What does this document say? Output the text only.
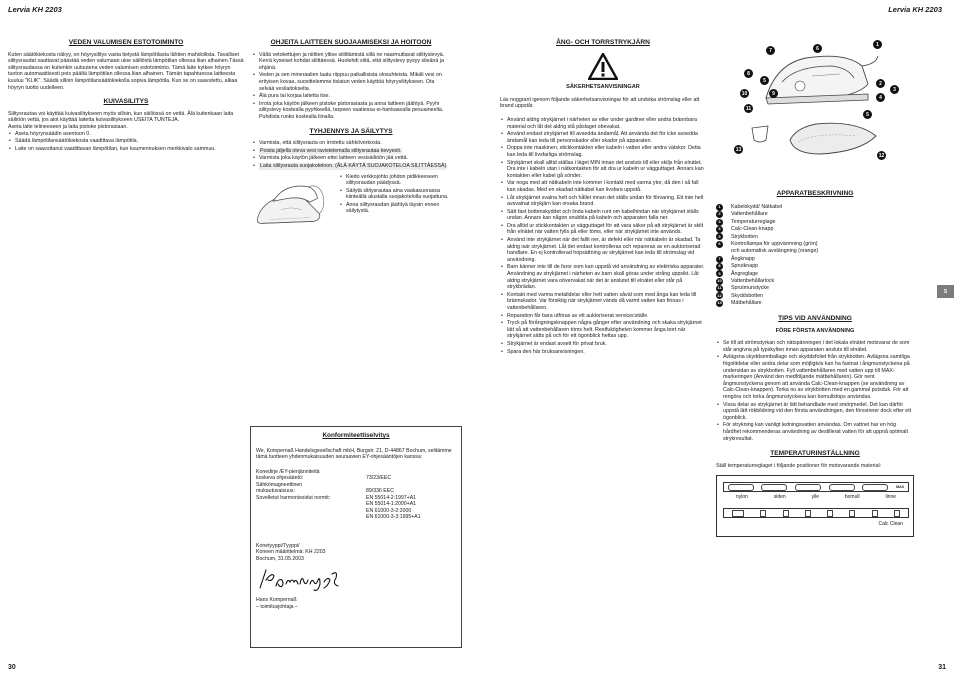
Lervia KH 2203
30
VEDEN VALUMISEN ESTOTOIMINTO
Kuten säätökiekosta näkyy, on höyrysilitys vasta tietystä lämpötilasta lähtien mahdollista. Tavalliset silitysraudat saattavat päästää veden valumaan uloe säiliöstä lämpötilan ollessa liian alhainen.Tässä silitysraudassa on kuitenkin uutuutena veden valumisen estotoiminto. Tämä laite kytkee höyryn tuoton automaattisesti pois päältä lämpötilan ollessa liian alhainen. Tämän tapahtuessa laitteesta kuuluu "KLIK". Säädä silloin lämpötilansäätökiekolla sopiva lämpötila. Kun se on saavutettu, alkaa höyryn tuotto uudelleen.
KUIVASILITYS
Silitysrautaa voi käyttää kuivasilitykseen myös silloin, kun säiliössä on vettä. Älä kuitenkaan laita säiliöön vettä, jos aiot käyttää laitetta kuivasilitykseen USEITA TUNTEJA.
Aseta laite telineeseen ja laita pistoke pistorasiaan.
• Aseta höyrynsäädin asentoon 0.
• Säädä lämpötilansäätökiekosta vaadittava lämpötila.
• Laite on saavuttanut vaadittavan lämpötilan, kun kuumennuksen merkkivalo sammuu.
OHJEITA LAITTEEN SUOJAAMISEKSI JA HOITOON
• Vältä vetokettujen ja niittien yltise siilittämistä sillä ne naarmuttavat siilityslevyä. Kerrä kyseiset kohdat silittäessä. Huolehdi siitä, että silityslevy pysyy sileänä ja ehjänä.
• Veden ja sen mineraalien laatu riippuu paikallisista olosuhteista. Mikäli vesi on erityisen kovaa, suosittelemme tislatun veden käyttöä höyrysilitykseen. Ota selvää vesilaitokselta.
• Älä pura tai korjaa laitetta itse.
• Irrota joka käytön jälkeen pistoke pistorasiasta ja anna laitteen jäähtyä. Pyyhi silityslevy kostealla pyyhkeellä, tarpeen vaatiessa ei-hankaavalla pesuaineella. Puhdista runko kostealla liinalla.
TYHJENNYS JA SÄILYTYS
• Varmista, että silitysrauta on irrotettu sähköverkosta.
• Poista jäljellä oleva vesi ravistelemalla silitysrautaa kevyesti.
• Varmista joka käytön jälkeen ettei laitteen vesisäiliöön jää vettä.
• Laita silitysrauta suojakoteloon. (ÄLÄ KÄYTÄ SUOJAKOTELOA SILITTÄESSÄ)
• Kiedo verkkojohto johdon pidikkeeseen silitysraudan päädyssä.
• Säilytä silitysrautaa aina vaakasuorassa kiinteällä alustalla suojakotelolla suojattuna.
• Anna silitysraudan jäähtyä täysin ennen säilytystä.
Konformiteettiselvitys
We, Kompernaß Handelsgesellschaft mbH, Burgstr. 21, D-44867 Bochum, selitämme tämä tuotteen yhdenmukaisuuden seuraavien EY-ohjesääntöjen kanssa:
Konedirje /EY-pienjänniteitä
koskeva ohjesääntö:	73/23/EEC
Sähkömagneettinen
mukautuvaisuus:	89/336 EEC
Sovelletut harmonisoidut normit:	EN 55014-2:1997+A1
EN 55014-1:2000+A1
EN 61000-3-2:2000
EN 61000-3-3:1995+A1
Konetyyppi/Tyyppi/
Koneen määrittelmä: KH 2203
Bochum, 31.05.2003
Hans Kompernaß
– toimitusjohtaja –
Lervia KH 2203
31
S
ÅNG- OCH TORRSTRYKJÄRN
SÄKERHETSANVISNINGAR
Läs noggrant igenom följande säkerhetsanvisningar för att undvika strömslag eller att brand uppstår.
• Använd aldrig strykjärnet i närheten av eller under gardiner eller andra brännbara material och låt det aldrig stå påslaget obevakat.
• Använd endast strykjärnet till avsedda ändamål. Att använda det för icke avsedda ändamål kan leda till personskador eller skador på apparaten.
• Doppa inte maskinen, stickkontakten eller kabeln i vatten eller andra vätskor. Detta kan leda till livsfarliga strömslag.
• Strykjärnet skall alltid ställas i läget MIN innan det ansluts till eller skiljs från elnätet. Dra inte i kabeln utan i nätkontakten för att dra ur kabeln ur vägguttaget. Annars kan kontakten eller kabel gå sönder.
• Var noga med att nätkabeln inte kommer i kontakt med varma ytor, då den i så fall kan skadas. Med en skadad nätkabel kan livsfara uppstå.
• Låt strykjärnet svalna helt och hållet innan det ställs undan för förvaring. Ett inte helt avsvalnat strykjärn kan orsaka brand.
• Sätt fast bottenskyddet och linda kabeln runt om kabelhindan när strykjärnet ställs undan. Annars kan någon snubbla på kabeln och apparaten falla ner.
• Dra alltid ur stickkontakten ur vägguttaget för att vara säker på att strykjärnet är skilt från elnätet när vatten fylls på eller töms, eller när strykjärnet inte används.
• Använd inte strykjärnet när det fallit ner, är defekt eller när nätkabeln är skadad. Ta aldrig isär strykjärnet. Låt det endast kontrolleras och repareras av en auktoriserad handlare. En ej kontrollerad hopsättning av strykjärnet kan leda till strömslag vid användning.
• Barn känner inte till de faror som kan uppstå vid användning av elektriska apparater. Användning av strykjärnet i närheten av barn skall göras under strång uppsikt. Låt aldrig strykjärnet vara oövervakat när det är anslutet till elnätet eller står på strykbrädan.
• Kontakt med varma metalldelar eller hett vatten såväl som med ånga kan leda till brännskador. Var försiktig när strykjärnet vänds då varmt vatten kan finnas i vattenbehållaren.
• Reparation får bara utföras av ett auktoriserat servicecställe.
• Tryck på förångningsknappen några gånger efter användning och skaka strykjärnet lätt så att vattenbehållaren töms helt. Restfuktigheten kommer ånga bort när strykjärnet sätts på och för ett ögonblick hettas upp.
• Strykjärnet är endast avsett för privat bruk.
• Spara den här bruksanvisningen.
7	6
1
8
5	2
3
9
10
4
11
5
13
12
APPARATBESKRIVNING
1	Kabelskydd/ Nätkabel
2	Vattenbehållare
3	Temperaturreglage
4	Calc-Clean-knapp
5	Strykbotten
6	Kontrollampa för uppvärmning (grön)
och automatisk avstängning (orange)
7	Ångknapp
8	Sprutknapp
9	Ångreglage
10 Vattenbehållarlock
11 Sprutmunstycke
12 Skyddsbotten
13 Mätbehållare
TIPS VID ANVÄNDNING
FÖRE FÖRSTA ANVÄNDNING
• Se till att strömstyrkan och nätspänningen i det lokala elnätet motsvarar de som står angivna på typskylten innan apparaten ansluts till elnätet.
• Avlägsna skyddsemballage och skyddsfoliet från strykbotten. Avlägsna samtliga frigolitdelar eller andra delar som möjligtvis kan ha fastnat i ångmunstyckena på undersidan av strykbotten. Fyll vattenbehållaren med vatten upp till MAX-markeringen (Använd den medföljande mätbehållaren). Gör nent ångmunstyckena genom att använda Calc-Clean-knappen (se användning av Calc-Clean-knappen). Torka nu av strykbotten med en gammal putsduk. För att rengöra och torka ångmunstyckena kan bomullstops användas.
• Vissa delar av strykjärnet är lätt behandlade med smörjmedel. Det kan därför uppstå lätt rökbildning vid den första användningen, den försvinner dock efter ett ögonblick.
• För strykning kan vanligt ledningsvatten användas. Om vattnet har en hög hårdhet rekommenderas användning av destillerat vatten för att uppnå optimalt strykresultat.
TEMPERATURINSTÄLLNING
Ställ temperaturreglaget i följande positioner för motsvarande material:
MAX
nylon	siden	ylle	bomull	linne
Calc Clean
